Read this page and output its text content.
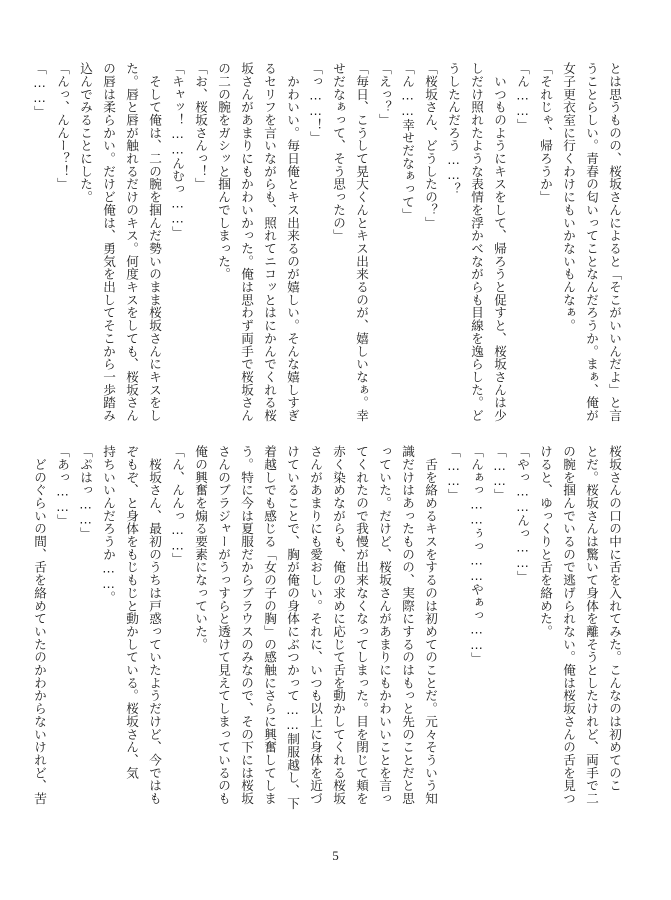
とは思うものの、桜坂さんによると「そこがいいんだよ」と言
うことらしい。青春の匂いってことなんだろうか。まぁ、俺が
女子更衣室に行くわけにもいかないもんなぁ。
「それじゃ、帰ろうか」
「ん……」
　いつものようにキスをして、帰ろうと促すと、桜坂さんは少
しだけ照れたような表情を浮かべながらも目線を逸らした。ど
うしたんだろう……？
「桜坂さん、どうしたの？」
「ん……幸せだなぁって」
「えっ？」
「毎日、こうして晃大くんとキス出来るのが、嬉しいなぁ。幸
せだなぁって、そう思ったの」
「っ……！」
　かわいい。毎日俺とキス出来るのが嬉しい。そんな嬉しすぎ
るセリフを言いながらも、照れてニコッとはにかんでくれる桜
坂さんがあまりにもかわいかった。俺は思わず両手で桜坂さん
の二の腕をガシッと掴んでしまった。
「お、桜坂さんっ！」
「キャッ！……んむっ……」
　そして俺は、二の腕を掴んだ勢いのまま桜坂さんにキスをし
た。唇と唇が触れるだけのキス。何度キスをしても、桜坂さん
の唇は柔らかい。だけど俺は、勇気を出してそこから一歩踏み
込んでみることにした。
「んっ、んんー？！」
「……」
桜坂さんの口の中に舌を入れてみた。こんなのは初めてのこ
とだ。桜坂さんは驚いて身体を離そうとしたけれど、両手で二
の腕を掴んでいるので逃げられない。俺は桜坂さんの舌を見つ
けると、ゆっくりと舌を絡めた。
「やっ……んっ……」
「……」
「んぁっ……ぅっ……やぁっ……」
「……」
　舌を絡めるキスをするのは初めてのことだ。元々そういう知
識だけはあったものの、実際にするのはもっと先のことだと思
っていた。だけど、桜坂さんがあまりにもかわいいことを言っ
てくれたので我慢が出来なくなってしまった。目を閉じて頬を
赤く染めながらも、俺の求めに応じて舌を動かしてくれる桜坂
さんがあまりにも愛おしい。それに、いつも以上に身体を近づ
けていることで、胸が俺の身体にぶつかって……制服越し、下
着越しでも感じる「女の子の胸」の感触にさらに興奮してしま
う。特に今は夏服だからブラウスのみなので、その下には桜坂
さんのブラジャーがうっすらと透けて見えてしまっているのも
俺の興奮を煽る要素になっていた。
「ん、んんっ……」
　桜坂さん、最初のうちは戸惑っていたようだけど、今ではも
ぞもぞ、と身体をもじもじと動かしている。桜坂さん、気
持ちいいんだろうか……。
「ぷはっ……」
「あっ……」
　どのぐらいの間、舌を絡めていたのかわからないけれど、苦
5
